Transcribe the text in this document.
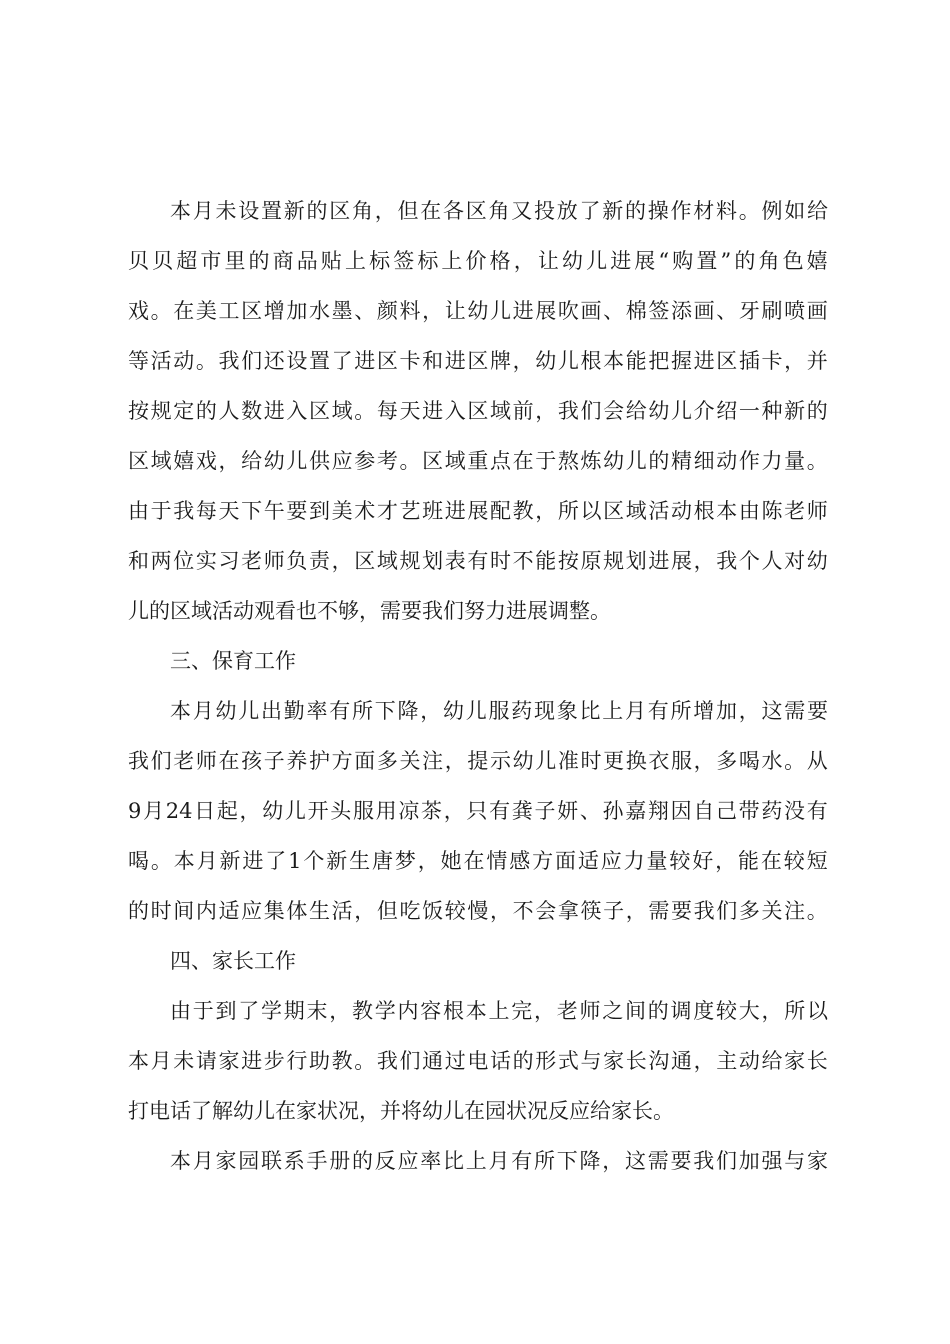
本 月 未 设 置 新 的 区 角 ， 但 在 各 区 角 又 投 放 了 新 的 操 作 材 料 。 例 如 给
贝 贝 超 市 里 的 商 品 贴 上 标 签 标 上 价 格 ， 让 幼 儿 进 展 “ 购 置 ” 的 角 色 嬉
戏 。 在 美 工 区 增 加 水 墨 、 颜 料 ， 让 幼 儿 进 展 吹 画 、 棉 签 添 画 、 牙 刷 喷 画
等 活 动 。 我 们 还 设 置 了 进 区 卡 和 进 区 牌 ， 幼 儿 根 本 能 把 握 进 区 插 卡 ， 并
按 规 定 的 人 数 进 入 区 域 。 每 天 进 入 区 域 前 ， 我 们 会 给 幼 儿 介 绍 一 种 新 的
区 域 嬉 戏 ， 给 幼 儿 供 应 参 考 。 区 域 重 点 在 于 熬 炼 幼 儿 的 精 细 动 作 力 量 。
由 于 我 每 天 下 午 要 到 美 术 才 艺 班 进 展 配 教 ， 所 以 区 域 活 动 根 本 由 陈 老 师
和 两 位 实 习 老 师 负 责 ， 区 域 规 划 表 有 时 不 能 按 原 规 划 进 展 ， 我 个 人 对 幼
儿的区域活动观看也不够，需要我们努力进展调整。
三、保育工作
本 月 幼 儿 出 勤 率 有 所 下 降 ， 幼 儿 服 药 现 象 比 上 月 有 所 增 加 ， 这 需 要
我 们 老 师 在 孩 子 养 护 方 面 多 关 注 ， 提 示 幼 儿 准 时 更 换 衣 服 ， 多 喝 水 。 从
9 月 24 日 起 ， 幼 儿 开 头 服 用 凉 茶 ， 只 有 龚 子 妍 、 孙 嘉 翔 因 自 己 带 药 没 有
喝 。 本 月 新 进 了 1 个 新 生 唐 梦 ， 她 在 情 感 方 面 适 应 力 量 较 好 ， 能 在 较 短
的 时 间 内 适 应 集 体 生 活 ， 但 吃 饭 较 慢 ， 不 会 拿 筷 子 ， 需 要 我 们 多 关 注 。
四、家长工作
由 于 到 了 学 期 末 ， 教 学 内 容 根 本 上 完 ， 老 师 之 间 的 调 度 较 大 ， 所 以
本 月 未 请 家 进 步 行 助 教 。 我 们 通 过 电 话 的 形 式 与 家 长 沟 通 ， 主 动 给 家 长
打电话了解幼儿在家状况，并将幼儿在园状况反应给家长。
本 月 家 园 联 系 手 册 的 反 应 率 比 上 月 有 所 下 降 ， 这 需 要 我 们 加 强 与 家
